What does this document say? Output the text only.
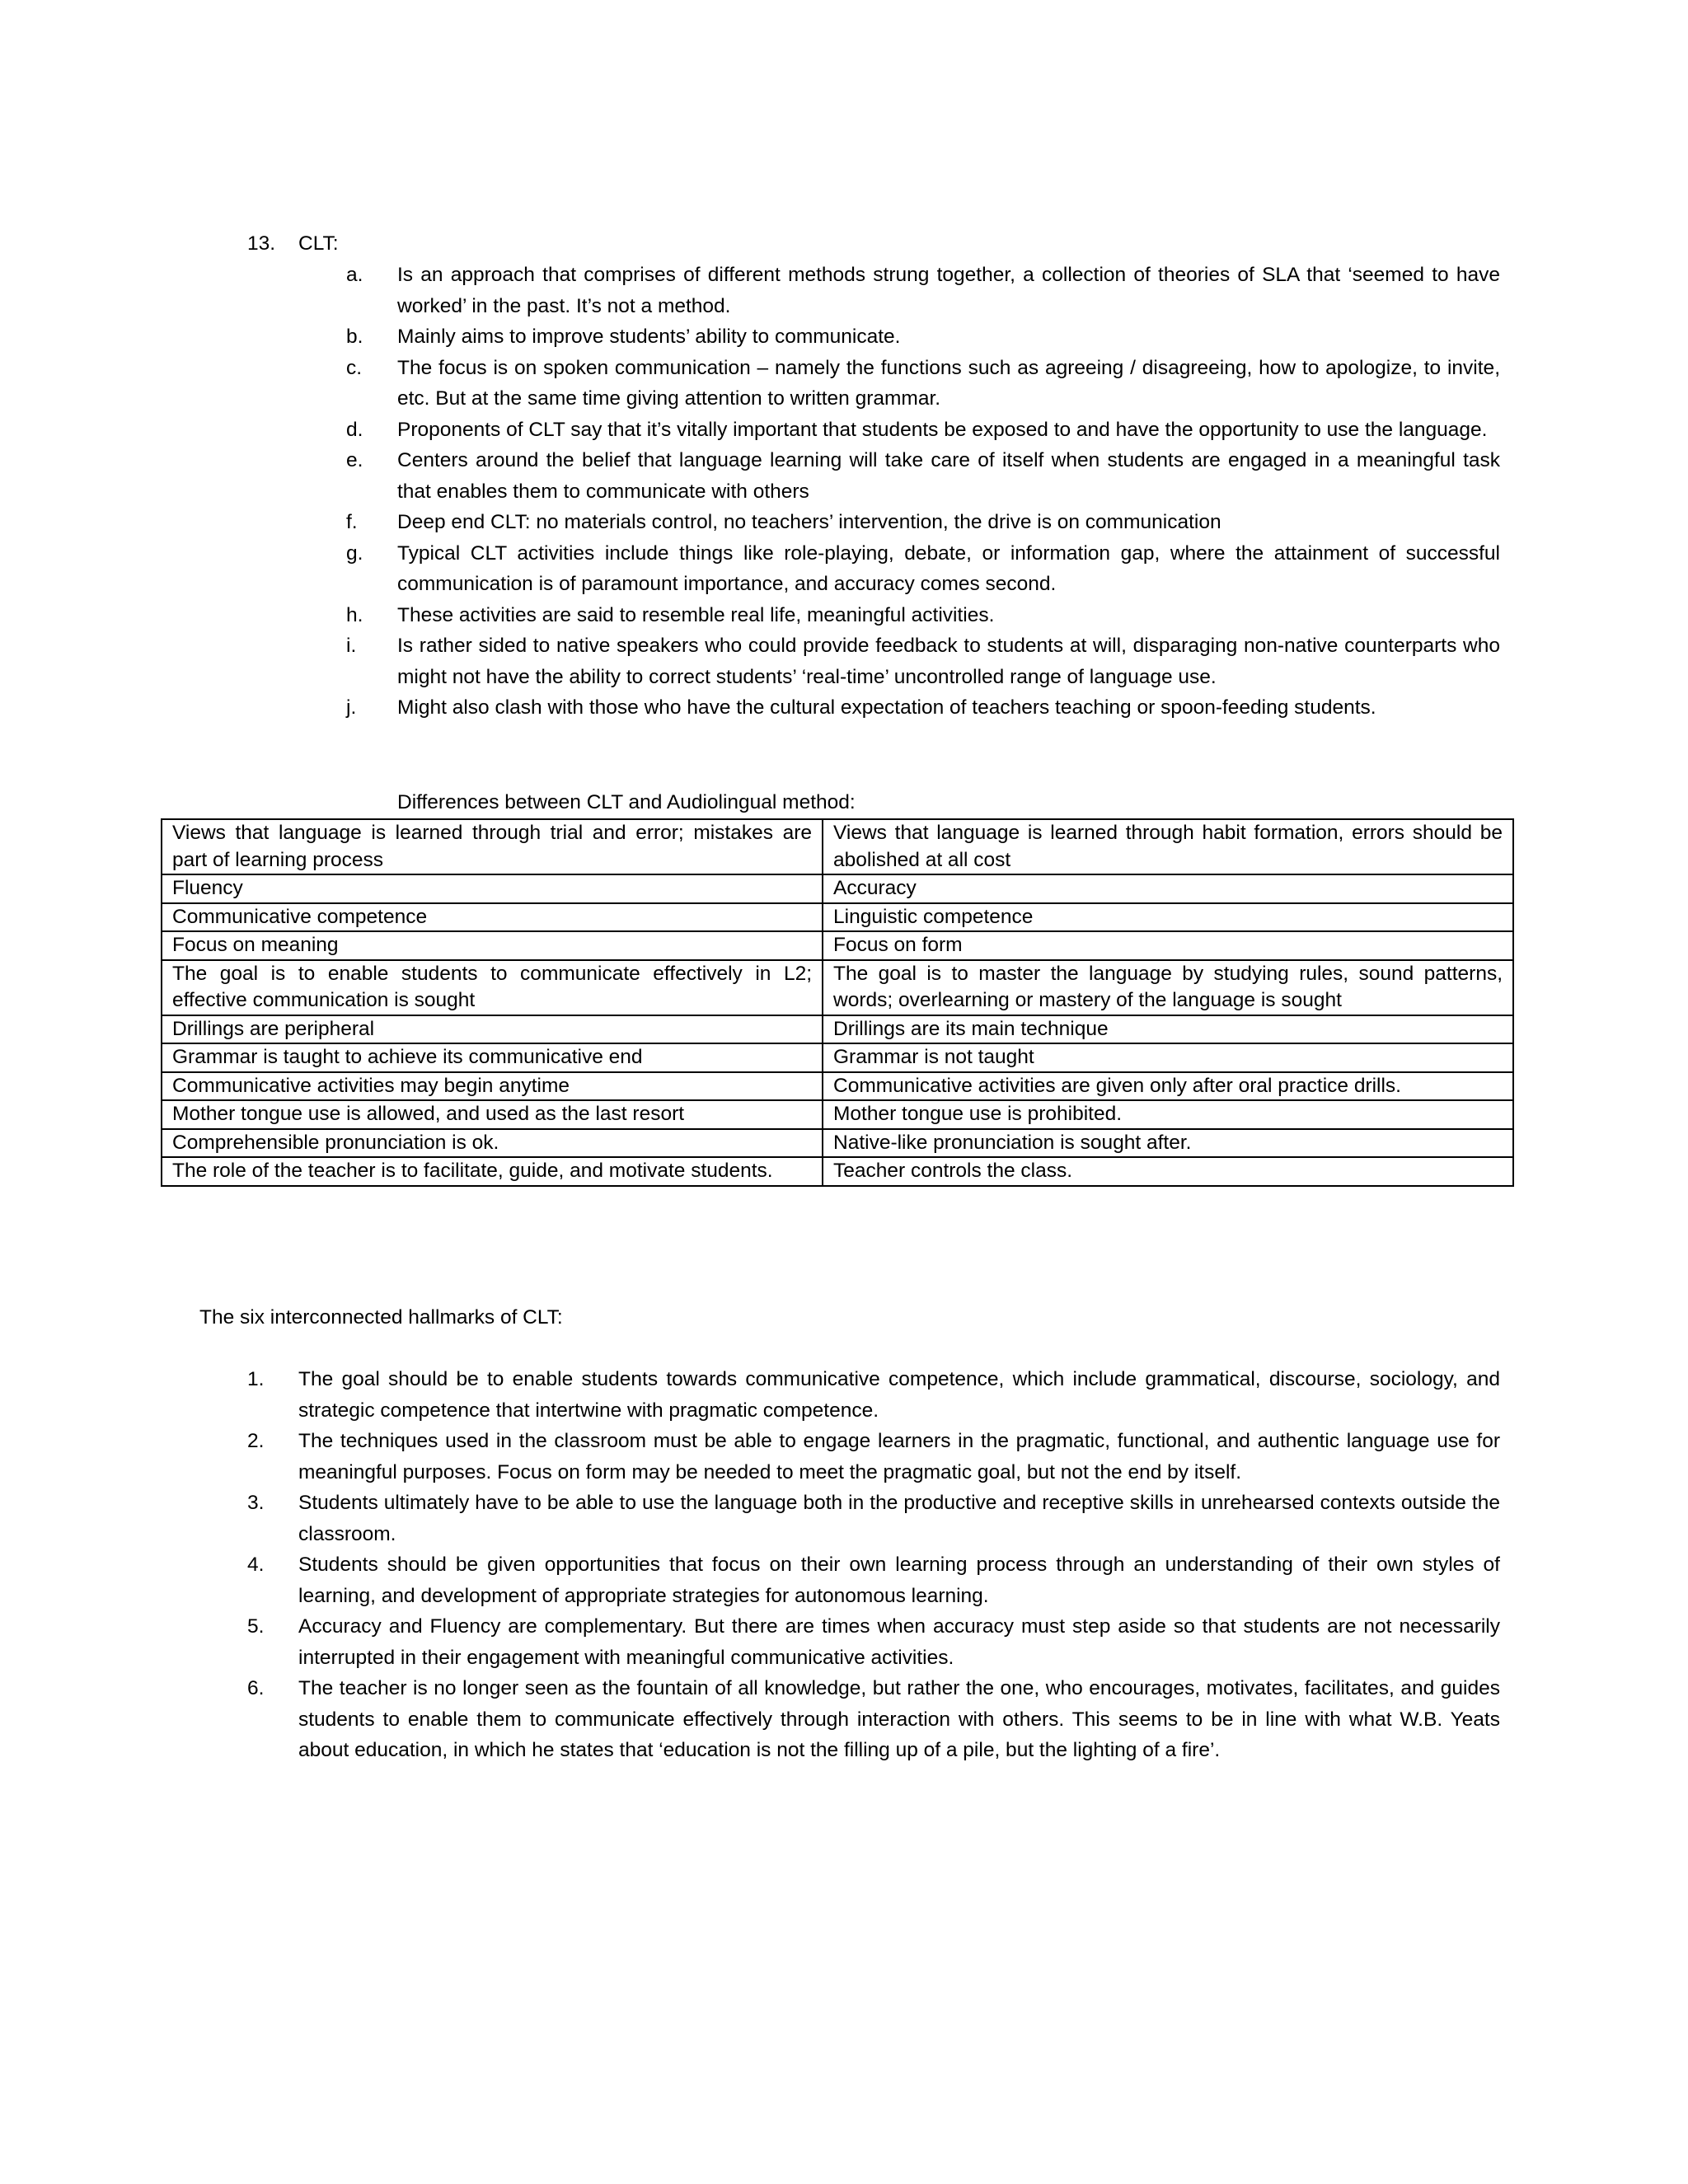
13. CLT:
a. Is an approach that comprises of different methods strung together, a collection of theories of SLA that ‘seemed to have worked’ in the past. It’s not a method.
b. Mainly aims to improve students’ ability to communicate.
c. The focus is on spoken communication – namely the functions such as agreeing / disagreeing, how to apologize, to invite, etc. But at the same time giving attention to written grammar.
d. Proponents of CLT say that it’s vitally important that students be exposed to and have the opportunity to use the language.
e. Centers around the belief that language learning will take care of itself when students are engaged in a meaningful task that enables them to communicate with others
f. Deep end CLT: no materials control, no teachers’ intervention, the drive is on communication
g. Typical CLT activities include things like role-playing, debate, or information gap, where the attainment of successful communication is of paramount importance, and accuracy comes second.
h. These activities are said to resemble real life, meaningful activities.
i. Is rather sided to native speakers who could provide feedback to students at will, disparaging non-native counterparts who might not have the ability to correct students’ ‘real-time’ uncontrolled range of language use.
j. Might also clash with those who have the cultural expectation of teachers teaching or spoon-feeding students.
Differences between CLT and Audiolingual method:
Views that language is learned through trial and error; mistakes are part of learning process	Views that language is learned through habit formation, errors should be abolished at all cost
Fluency	Accuracy
Communicative competence	Linguistic competence
Focus on meaning	Focus on form
The goal is to enable students to communicate effectively in L2; effective communication is sought	The goal is to master the language by studying rules, sound patterns, words; overlearning or mastery of the language is sought
Drillings are peripheral	Drillings are its main technique
Grammar is taught to achieve its communicative end	Grammar is not taught
Communicative activities may begin anytime	Communicative activities are given only after oral practice drills.
Mother tongue use is allowed, and used as the last resort	Mother tongue use is prohibited.
Comprehensible pronunciation is ok.	Native-like pronunciation is sought after.
The role of the teacher is to facilitate, guide, and motivate students.	Teacher controls the class.
The six interconnected hallmarks of CLT:
1. The goal should be to enable students towards communicative competence, which include grammatical, discourse, sociology, and strategic competence that intertwine with pragmatic competence.
2. The techniques used in the classroom must be able to engage learners in the pragmatic, functional, and authentic language use for meaningful purposes. Focus on form may be needed to meet the pragmatic goal, but not the end by itself.
3. Students ultimately have to be able to use the language both in the productive and receptive skills in unrehearsed contexts outside the classroom.
4. Students should be given opportunities that focus on their own learning process through an understanding of their own styles of learning, and development of appropriate strategies for autonomous learning.
5. Accuracy and Fluency are complementary. But there are times when accuracy must step aside so that students are not necessarily interrupted in their engagement with meaningful communicative activities.
6. The teacher is no longer seen as the fountain of all knowledge, but rather the one, who encourages, motivates, facilitates, and guides students to enable them to communicate effectively through interaction with others. This seems to be in line with what W.B. Yeats about education, in which he states that ‘education is not the filling up of a pile, but the lighting of a fire’.
